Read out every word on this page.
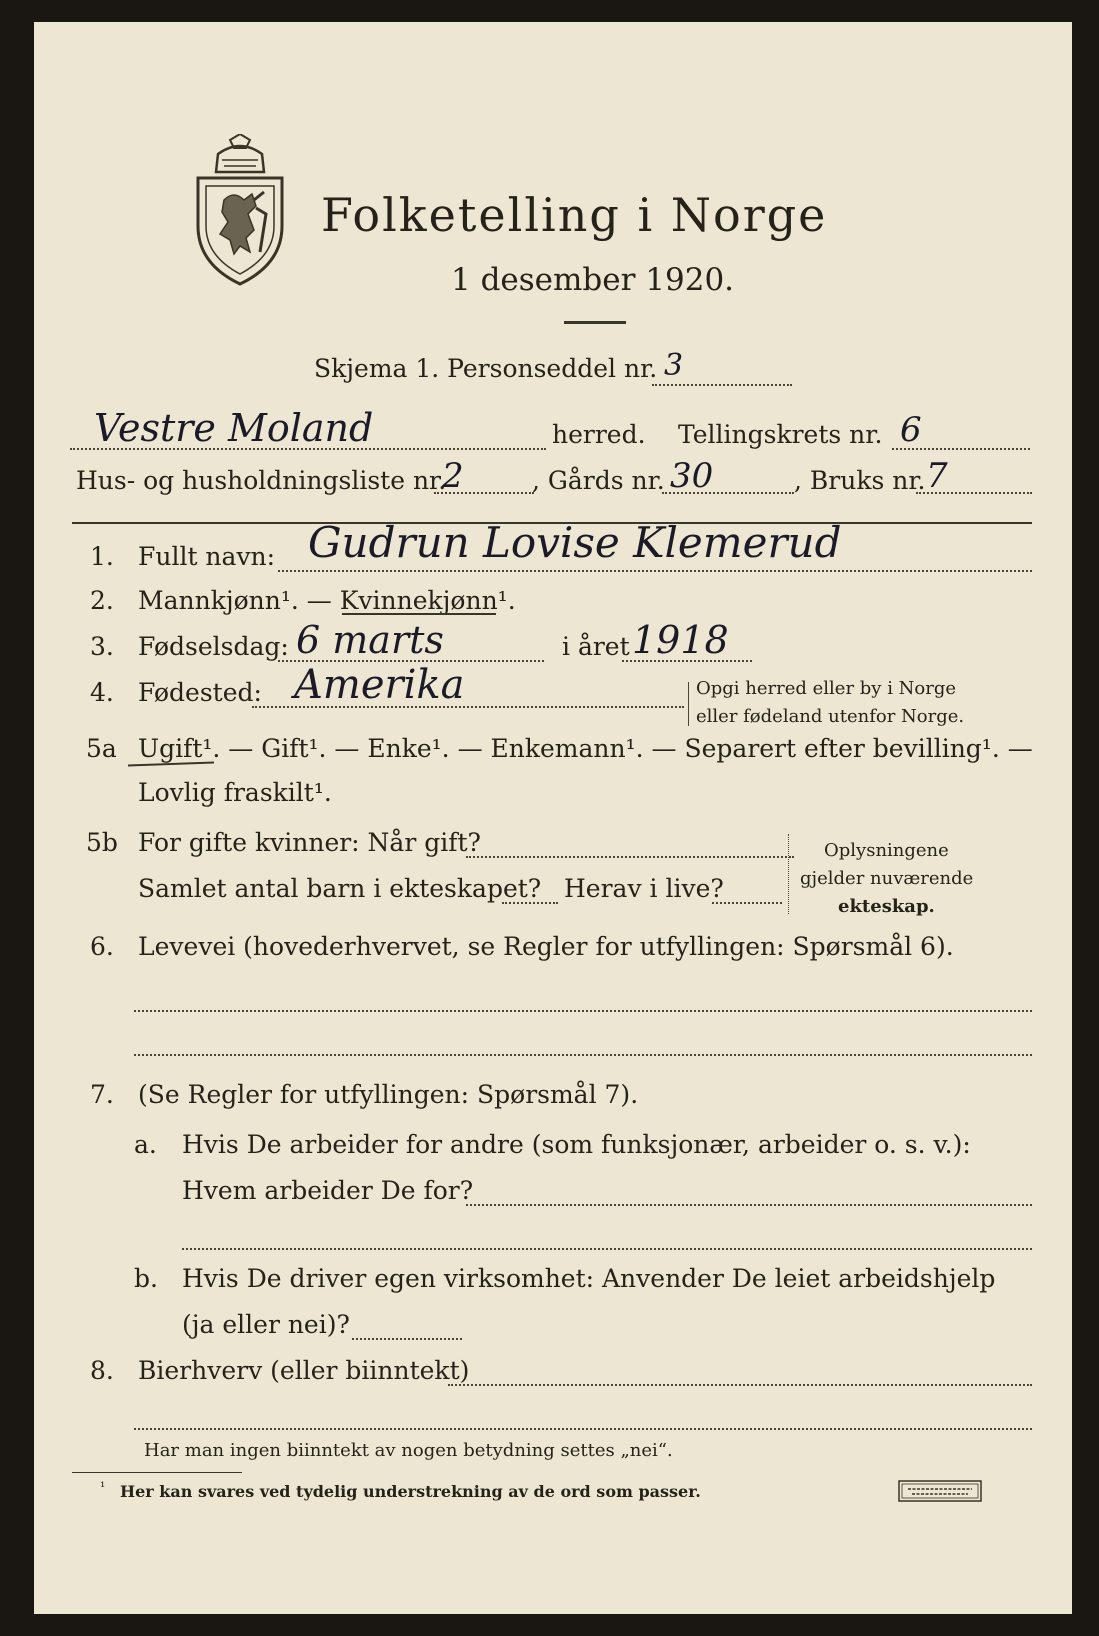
Folketelling i Norge
1 desember 1920.
Skjema 1. Personseddel nr. 3
Vestre Moland	herred. Tellingskrets nr. 6
Hus- og husholdningsliste nr.
2	, Gårds nr. 30	, Bruks nr. 7
1. Fullt navn: Gudrun Lovise Klemerud
2. Mannkjønn¹. — Kvinnekjønn¹.
3. Fødselsdag: 6 marts	i året 1918
4. Fødested: Amerika	Opgi herred eller by i Norge
eller fødeland utenfor Norge.
5a Ugift¹. — Gift¹. — Enke¹. — Enkemann¹. — Separert efter bevilling¹. —
Lovlig fraskilt¹.
5b For gifte kvinner: Når gift?
Samlet antal barn i ekteskapet? Herav i live?
Oplysningene
gjelder nuværende
ekteskap.
6. Levevei (hovederhvervet, se Regler for utfyllingen: Spørsmål 6).
7. (Se Regler for utfyllingen: Spørsmål 7).
a. Hvis De arbeider for andre (som funksjonær, arbeider o. s. v.):
Hvem arbeider De for?
b. Hvis De driver egen virksomhet: Anvender De leiet arbeidshjelp
(ja eller nei)?
8. Bierhverv (eller biinntekt)
Har man ingen biinntekt av nogen betydning settes „nei“.
¹ Her kan svares ved tydelig understrekning av de ord som passer.
